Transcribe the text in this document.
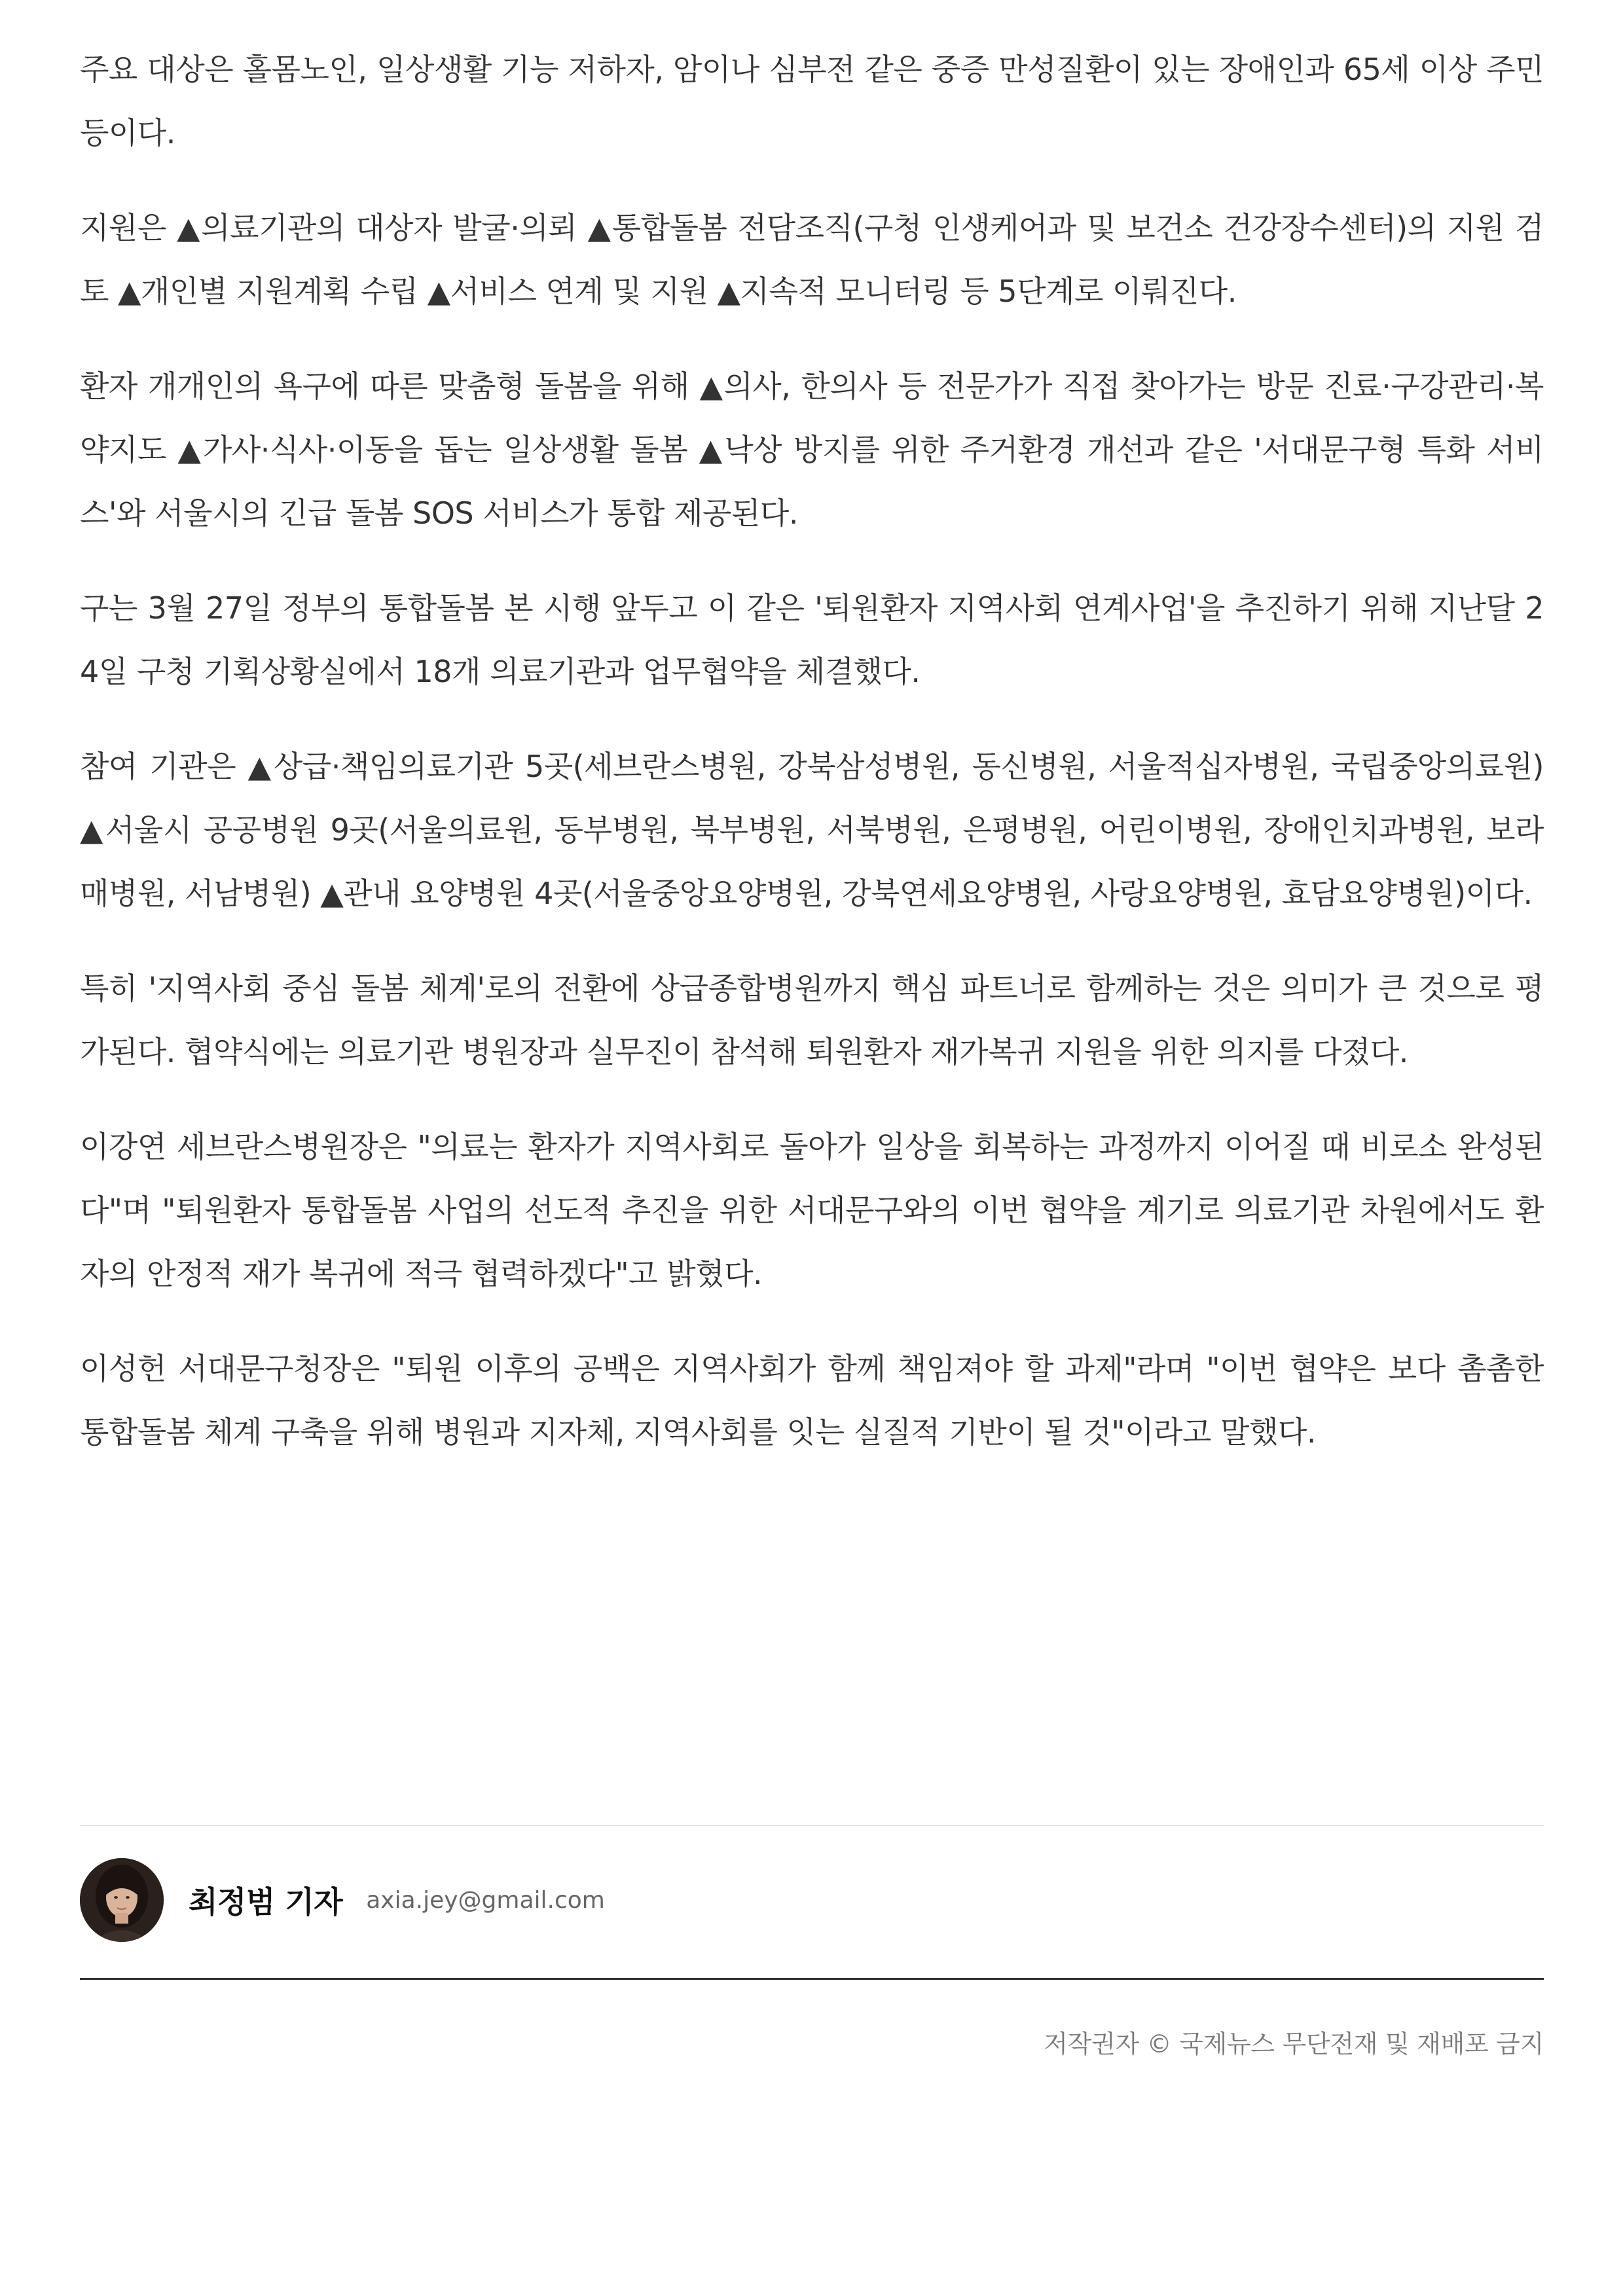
주요 대상은 홀몸노인, 일상생활 기능 저하자, 암이나 심부전 같은 중증 만성질환이 있는 장애인과 65세 이상 주민 등이다.

지원은 ▲의료기관의 대상자 발굴·의뢰 ▲통합돌봄 전담조직(구청 인생케어과 및 보건소 건강장수센터)의 지원 검토 ▲개인별 지원계획 수립 ▲서비스 연계 및 지원 ▲지속적 모니터링 등 5단계로 이뤄진다.

환자 개개인의 욕구에 따른 맞춤형 돌봄을 위해 ▲의사, 한의사 등 전문가가 직접 찾아가는 방문 진료·구강관리·복약지도 ▲가사·식사·이동을 돕는 일상생활 돌봄 ▲낙상 방지를 위한 주거환경 개선과 같은 '서대문구형 특화 서비스'와 서울시의 긴급 돌봄 SOS 서비스가 통합 제공된다.

구는 3월 27일 정부의 통합돌봄 본 시행 앞두고 이 같은 '퇴원환자 지역사회 연계사업'을 추진하기 위해 지난달 24일 구청 기획상황실에서 18개 의료기관과 업무협약을 체결했다.

참여 기관은 ▲상급·책임의료기관 5곳(세브란스병원, 강북삼성병원, 동신병원, 서울적십자병원, 국립중앙의료원) ▲서울시 공공병원 9곳(서울의료원, 동부병원, 북부병원, 서북병원, 은평병원, 어린이병원, 장애인치과병원, 보라매병원, 서남병원) ▲관내 요양병원 4곳(서울중앙요양병원, 강북연세요양병원, 사랑요양병원, 효담요양병원)이다.

특히 '지역사회 중심 돌봄 체계'로의 전환에 상급종합병원까지 핵심 파트너로 함께하는 것은 의미가 큰 것으로 평가된다. 협약식에는 의료기관 병원장과 실무진이 참석해 퇴원환자 재가복귀 지원을 위한 의지를 다졌다.

이강연 세브란스병원장은 "의료는 환자가 지역사회로 돌아가 일상을 회복하는 과정까지 이어질 때 비로소 완성된다"며 "퇴원환자 통합돌봄 사업의 선도적 추진을 위한 서대문구와의 이번 협약을 계기로 의료기관 차원에서도 환자의 안정적 재가 복귀에 적극 협력하겠다"고 밝혔다.

이성헌 서대문구청장은 "퇴원 이후의 공백은 지역사회가 함께 책임져야 할 과제"라며 "이번 협약은 보다 촘촘한 통합돌봄 체계 구축을 위해 병원과 지자체, 지역사회를 잇는 실질적 기반이 될 것"이라고 말했다.

최정범 기자 axia.jey@gmail.com
저작권자 © 국제뉴스 무단전재 및 재배포 금지
